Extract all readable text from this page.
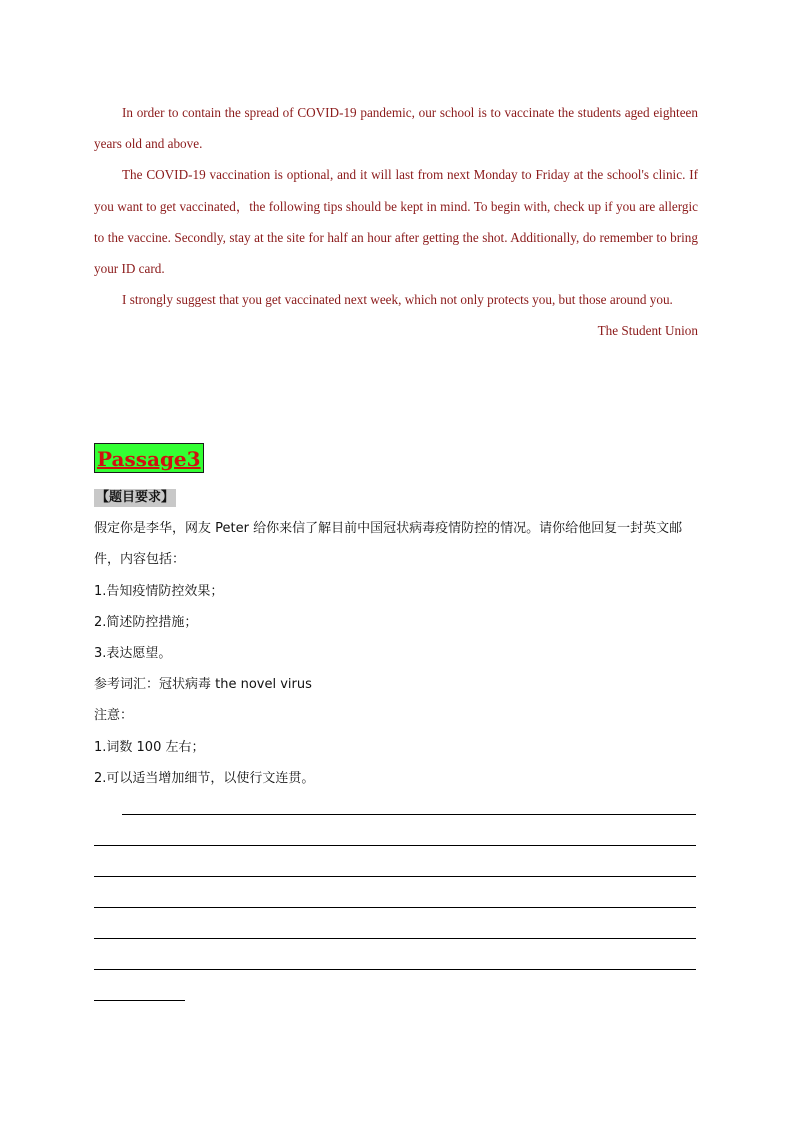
In order to contain the spread of COVID-19 pandemic, our school is to vaccinate the students aged eighteen years old and above.

The COVID-19 vaccination is optional, and it will last from next Monday to Friday at the school's clinic. If you want to get vaccinated，the following tips should be kept in mind. To begin with, check up if you are allergic to the vaccine. Secondly, stay at the site for half an hour after getting the shot. Additionally, do remember to bring your ID card.

I strongly suggest that you get vaccinated next week, which not only protects you, but those around you.

The Student Union

Passage3

【题目要求】

假定你是李华，网友 Peter 给你来信了解目前中国冠状病毒疫情防控的情况。请你给他回复一封英文邮件，内容包括：

1.告知疫情防控效果；

2.简述防控措施；

3.表达愿望。

参考词汇：冠状病毒 the novel virus

注意：

1.词数 100 左右；

2.可以适当增加细节，以使行文连贯。
